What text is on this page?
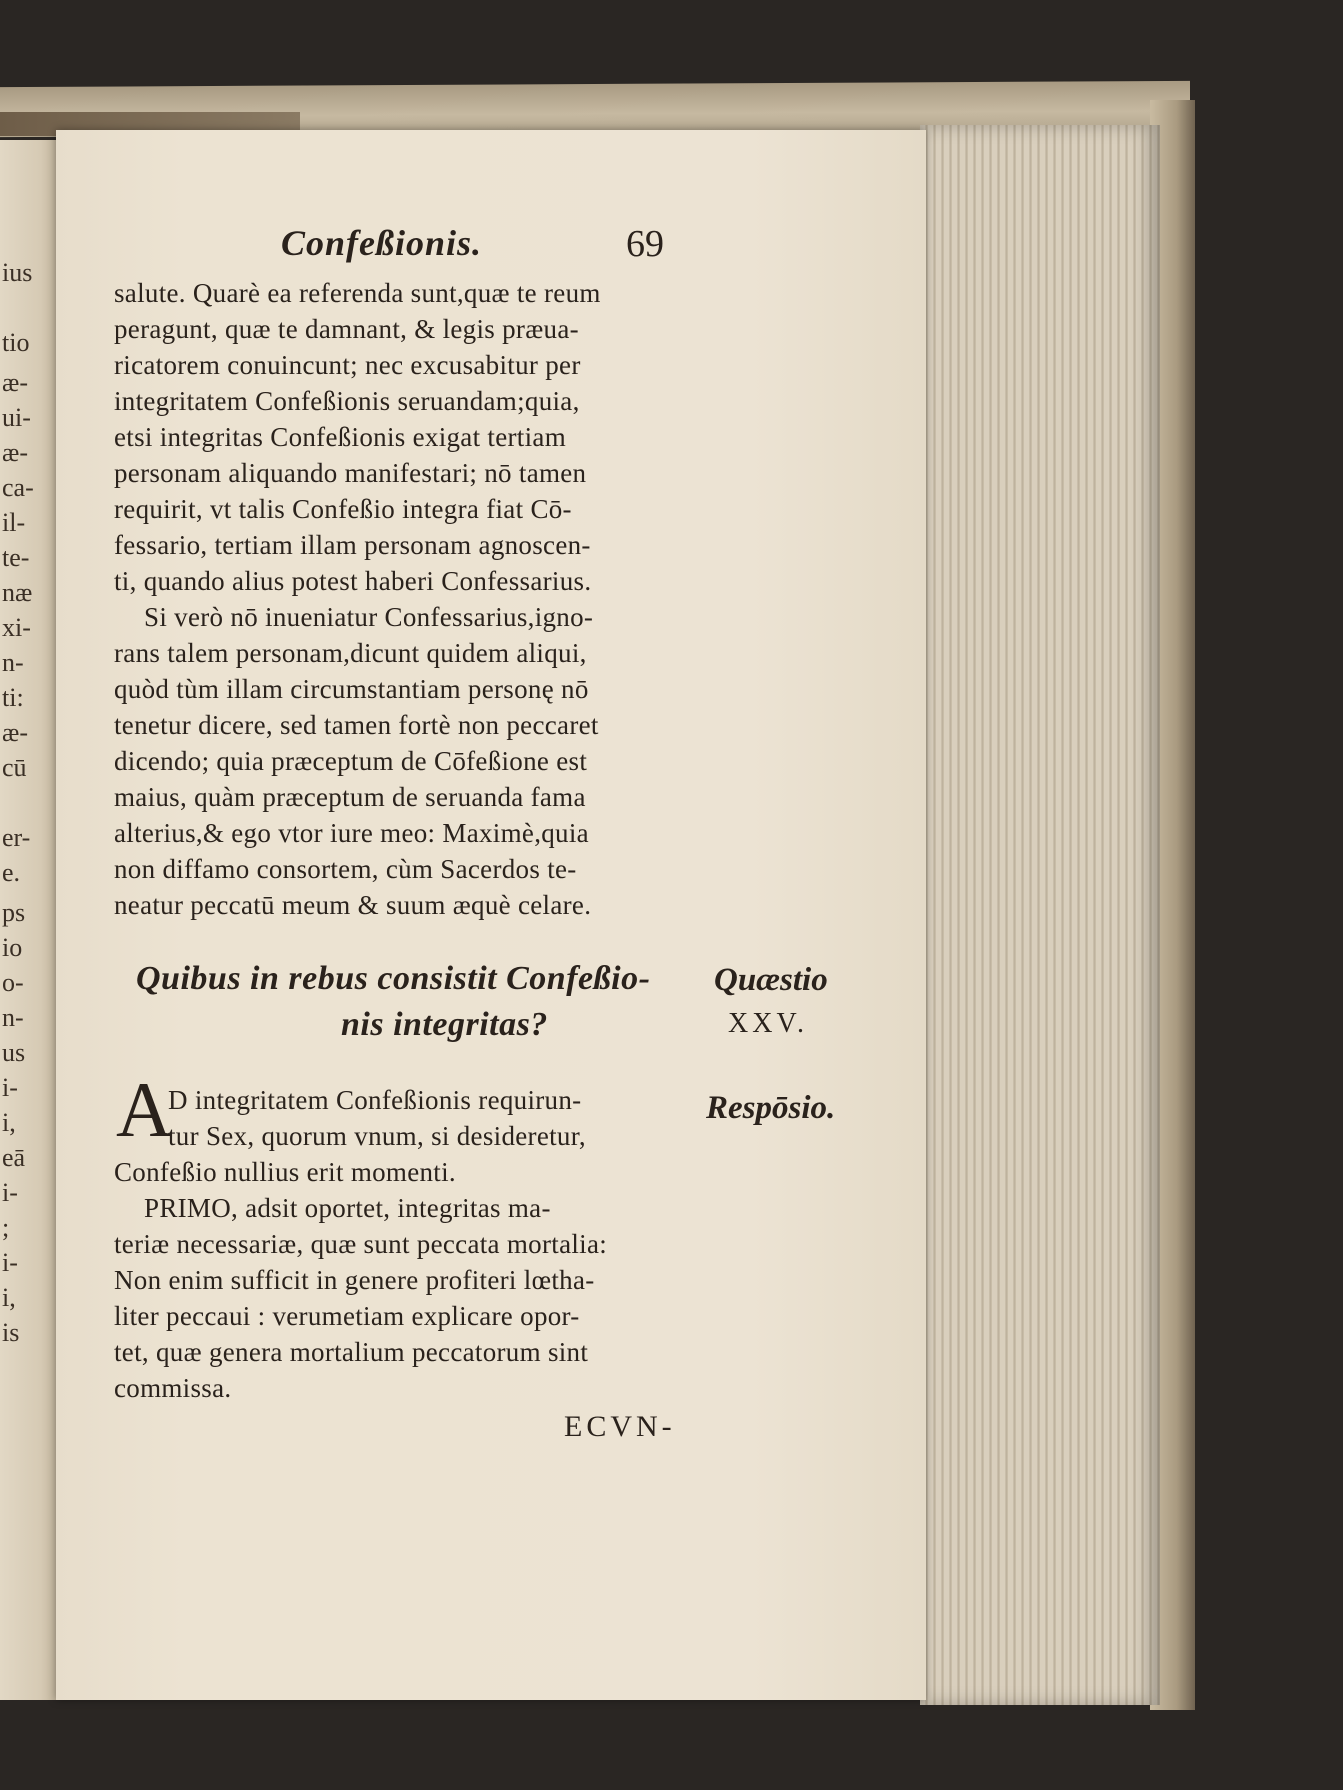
ius
tio
æ-
ui-
æ-
ca-
il-
te-
næ
xi-
n-
ti:
æ-
cū
er-
e.
ps
io
o-
n-
us
i-
i,
eā
i-
;
i-
i,
is
Confeßionis.	69
salute. Quarè ea referenda sunt,quæ te reum
peragunt, quæ te damnant, & legis præua-
ricatorem conuincunt; nec excusabitur per
integritatem Confeßionis seruandam;quia,
etsi integritas Confeßionis exigat tertiam
personam aliquando manifestari; nō tamen
requirit, vt talis Confeßio integra fiat Cō-
fessario, tertiam illam personam agnoscen-
ti, quando alius potest haberi Confessarius.
Si verò nō inueniatur Confessarius,igno-
rans talem personam,dicunt quidem aliqui,
quòd tùm illam circumstantiam personę nō
tenetur dicere, sed tamen fortè non peccaret
dicendo; quia præceptum de Cōfeßione est
maius, quàm præceptum de seruanda fama
alterius,& ego vtor iure meo: Maximè,quia
non diffamo consortem, cùm Sacerdos te-
neatur peccatū meum & suum æquè celare.
Quibus in rebus consistit Confeßio-
nis integritas?
Quæstio
XXV.
A
D integritatem Confeßionis requirun-
tur Sex, quorum vnum, si desideretur,
Confeßio nullius erit momenti.
PRIMO, adsit oportet, integritas ma-
teriæ necessariæ, quæ sunt peccata mortalia:
Non enim sufficit in genere profiteri lœtha-
liter peccaui : verumetiam explicare opor-
tet, quæ genera mortalium peccatorum sint
commissa.
Respōsio.
ECVN-
